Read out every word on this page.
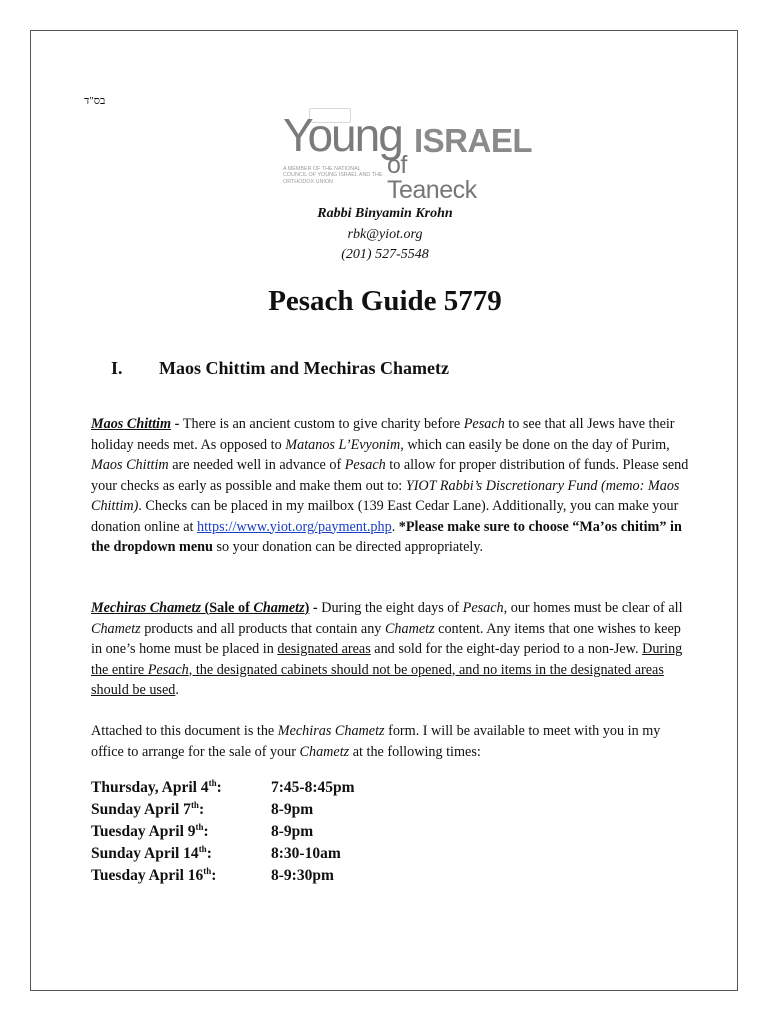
בס"ד
Young ISRAEL
of Teaneck
A MEMBER OF THE NATIONAL COUNCIL OF YOUNG ISRAEL AND THE ORTHODOX UNION
Rabbi Binyamin Krohn
rbk@yiot.org
(201) 527-5548
Pesach Guide 5779
I. Maos Chittim and Mechiras Chametz
Maos Chittim - There is an ancient custom to give charity before Pesach to see that all Jews have their holiday needs met. As opposed to Matanos L’Evyonim, which can easily be done on the day of Purim, Maos Chittim are needed well in advance of Pesach to allow for proper distribution of funds. Please send your checks as early as possible and make them out to: YIOT Rabbi’s Discretionary Fund (memo: Maos Chittim). Checks can be placed in my mailbox (139 East Cedar Lane). Additionally, you can make your donation online at https://www.yiot.org/payment.php. *Please make sure to choose “Ma’os chitim” in the dropdown menu so your donation can be directed appropriately.
Mechiras Chametz (Sale of Chametz) - During the eight days of Pesach, our homes must be clear of all Chametz products and all products that contain any Chametz content. Any items that one wishes to keep in one’s home must be placed in designated areas and sold for the eight-day period to a non-Jew. During the entire Pesach, the designated cabinets should not be opened, and no items in the designated areas should be used.
Attached to this document is the Mechiras Chametz form. I will be available to meet with you in my office to arrange for the sale of your Chametz at the following times:
Thursday, April 4th:	7:45-8:45pm
Sunday April 7th:	8-9pm
Tuesday April 9th:	8-9pm
Sunday April 14th:	8:30-10am
Tuesday April 16th:	8-9:30pm
